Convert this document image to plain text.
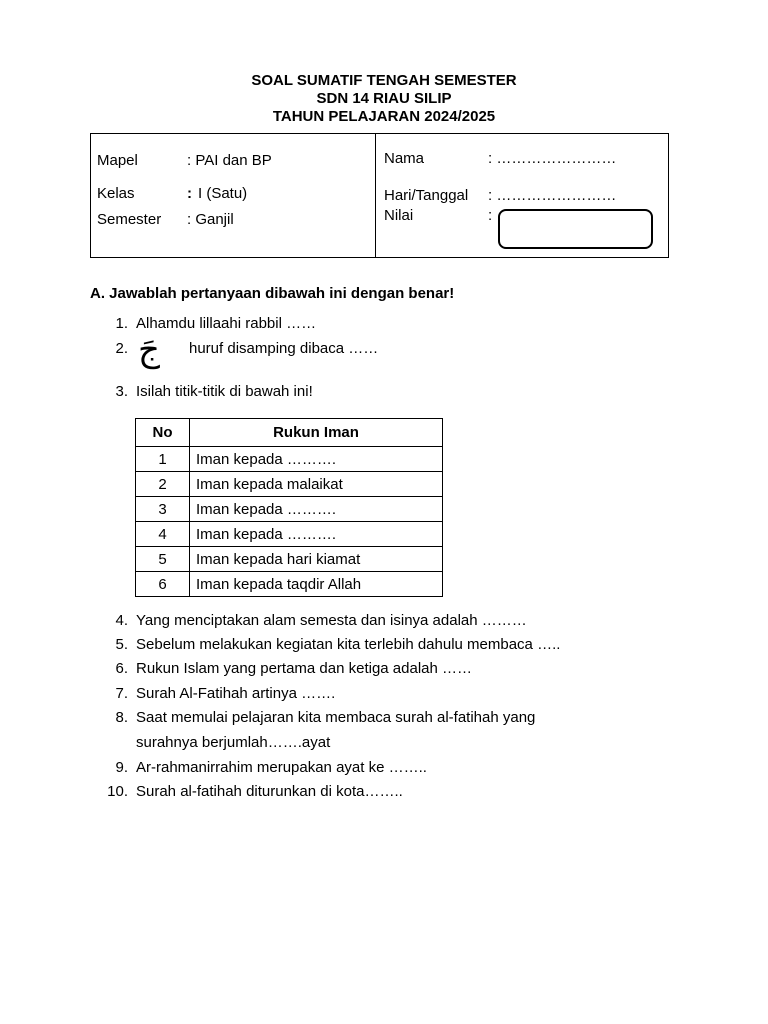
SOAL SUMATIF TENGAH SEMESTER
SDN 14 RIAU SILIP
TAHUN PELAJARAN 2024/2025
Mapel	: PAI dan BP
Kelas	: I (Satu)
Semester : Ganjil
Nama	: ……………………
Hari/Tanggal : ……………………
Nilai	:
A. Jawablah pertanyaan dibawah ini dengan benar!
1. Alhamdu lillaahi rabbil ……
2. جَ huruf disamping dibaca ……
3. Isilah titik-titik di bawah ini!
No	Rukun Iman
1	Iman kepada ……….
2	Iman kepada malaikat
3	Iman kepada ……….
4	Iman kepada ……….
5	Iman kepada hari kiamat
6	Iman kepada taqdir Allah
4. Yang menciptakan alam semesta dan isinya adalah ………
5. Sebelum melakukan kegiatan kita terlebih dahulu membaca …..
6. Rukun Islam yang pertama dan ketiga adalah ……
7. Surah Al-Fatihah artinya …….
8. Saat memulai pelajaran kita membaca surah al-fatihah yang
surahnya berjumlah…….ayat
9. Ar-rahmanirrahim merupakan ayat ke ……..
10. Surah al-fatihah diturunkan di kota……..
